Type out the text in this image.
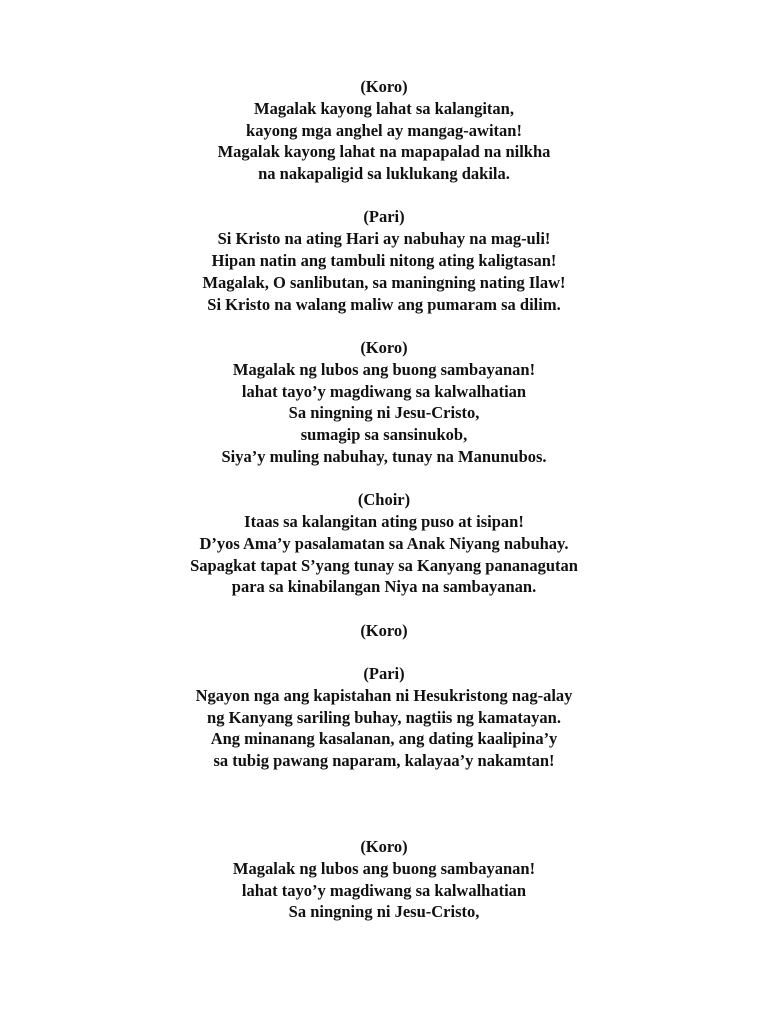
(Koro)
Magalak kayong lahat sa kalangitan,
kayong mga anghel ay mangag-awitan!
Magalak kayong lahat na mapapalad na nilkha
na nakapaligid sa luklukang dakila.
(Pari)
Si Kristo na ating Hari ay nabuhay na mag-uli!
Hipan natin ang tambuli nitong ating kaligtasan!
Magalak, O sanlibutan, sa maningning nating Ilaw!
Si Kristo na walang maliw ang pumaram sa dilim.
(Koro)
Magalak ng lubos ang buong sambayanan!
lahat tayo’y magdiwang sa kalwalhatian
Sa ningning ni Jesu-Cristo,
sumagip sa sansinukob,
Siya’y muling nabuhay, tunay na Manunubos.
(Choir)
Itaas sa kalangitan ating puso at isipan!
D’yos Ama’y pasalamatan sa Anak Niyang nabuhay.
Sapagkat tapat S’yang tunay sa Kanyang pananagutan
para sa kinabilangan Niya na sambayanan.
(Koro)
(Pari)
Ngayon nga ang kapistahan ni Hesukristong nag-alay
ng Kanyang sariling buhay, nagtiis ng kamatayan.
Ang minanang kasalanan, ang dating kaalipina’y
sa tubig pawang naparam, kalayaa’y nakamtan!
(Koro)
Magalak ng lubos ang buong sambayanan!
lahat tayo’y magdiwang sa kalwalhatian
Sa ningning ni Jesu-Cristo,
